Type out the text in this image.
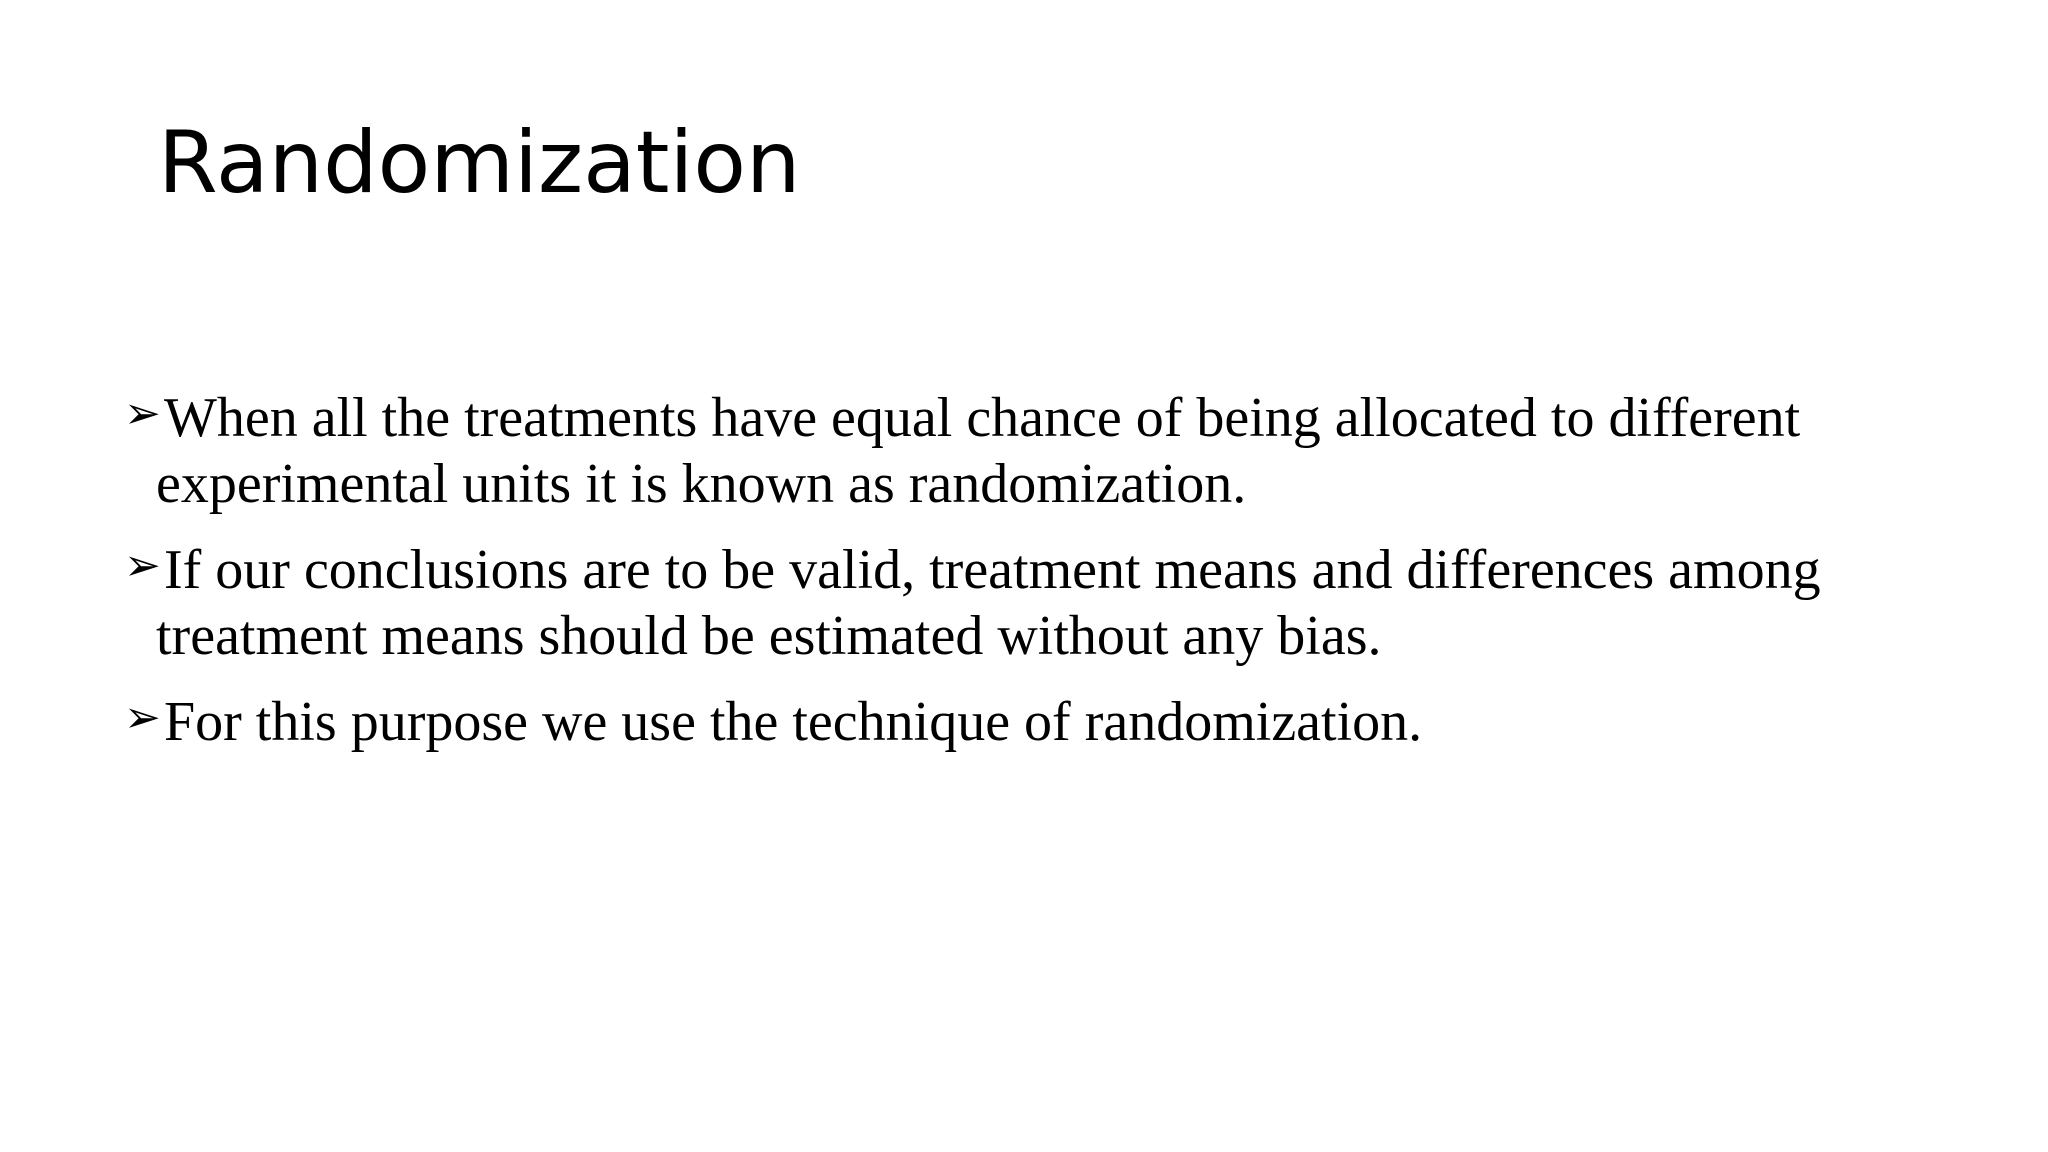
Randomization
➢ When all the treatments have equal chance of being allocated to different experimental units it is known as randomization.
➢ If our conclusions are to be valid, treatment means and differences among treatment means should be estimated without any bias.
➢ For this purpose we use the technique of randomization.
